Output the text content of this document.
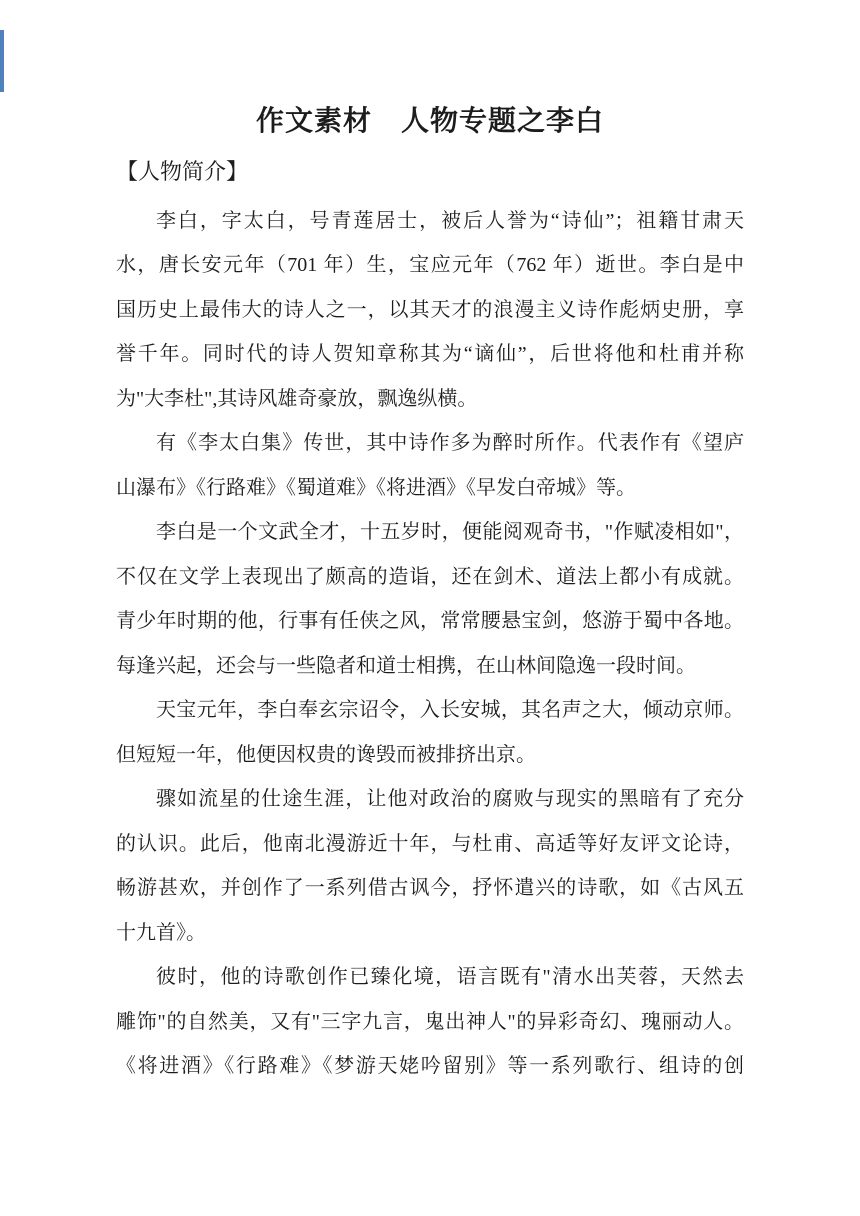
作文素材　人物专题之李白
【人物简介】
李白，字太白，号青莲居士，被后人誉为“诗仙”；祖籍甘肃天
水，唐长安元年（701 年）生，宝应元年（762 年）逝世。李白是中
国历史上最伟大的诗人之一，以其天才的浪漫主义诗作彪炳史册，享
誉千年。同时代的诗人贺知章称其为“谪仙”，后世将他和杜甫并称
为"大李杜",其诗风雄奇豪放，飘逸纵横。
有《李太白集》传世，其中诗作多为醉时所作。代表作有《望庐
山瀑布》《行路难》《蜀道难》《将进酒》《早发白帝城》等。
李白是一个文武全才，十五岁时，便能阅观奇书，"作赋凌相如"，
不仅在文学上表现出了颇高的造诣，还在剑术、道法上都小有成就。
青少年时期的他，行事有任侠之风，常常腰悬宝剑，悠游于蜀中各地。
每逢兴起，还会与一些隐者和道士相携，在山林间隐逸一段时间。
天宝元年，李白奉玄宗诏令，入长安城，其名声之大，倾动京师。
但短短一年，他便因权贵的谗毁而被排挤出京。
骤如流星的仕途生涯，让他对政治的腐败与现实的黑暗有了充分
的认识。此后，他南北漫游近十年，与杜甫、高适等好友评文论诗，
畅游甚欢，并创作了一系列借古讽今，抒怀遣兴的诗歌，如《古风五
十九首》。
彼时，他的诗歌创作已臻化境，语言既有"清水出芙蓉，天然去
雕饰"的自然美，又有"三字九言，鬼出神人"的异彩奇幻、瑰丽动人。
《将进酒》《行路难》《梦游天姥吟留别》等一系列歌行、组诗的创
